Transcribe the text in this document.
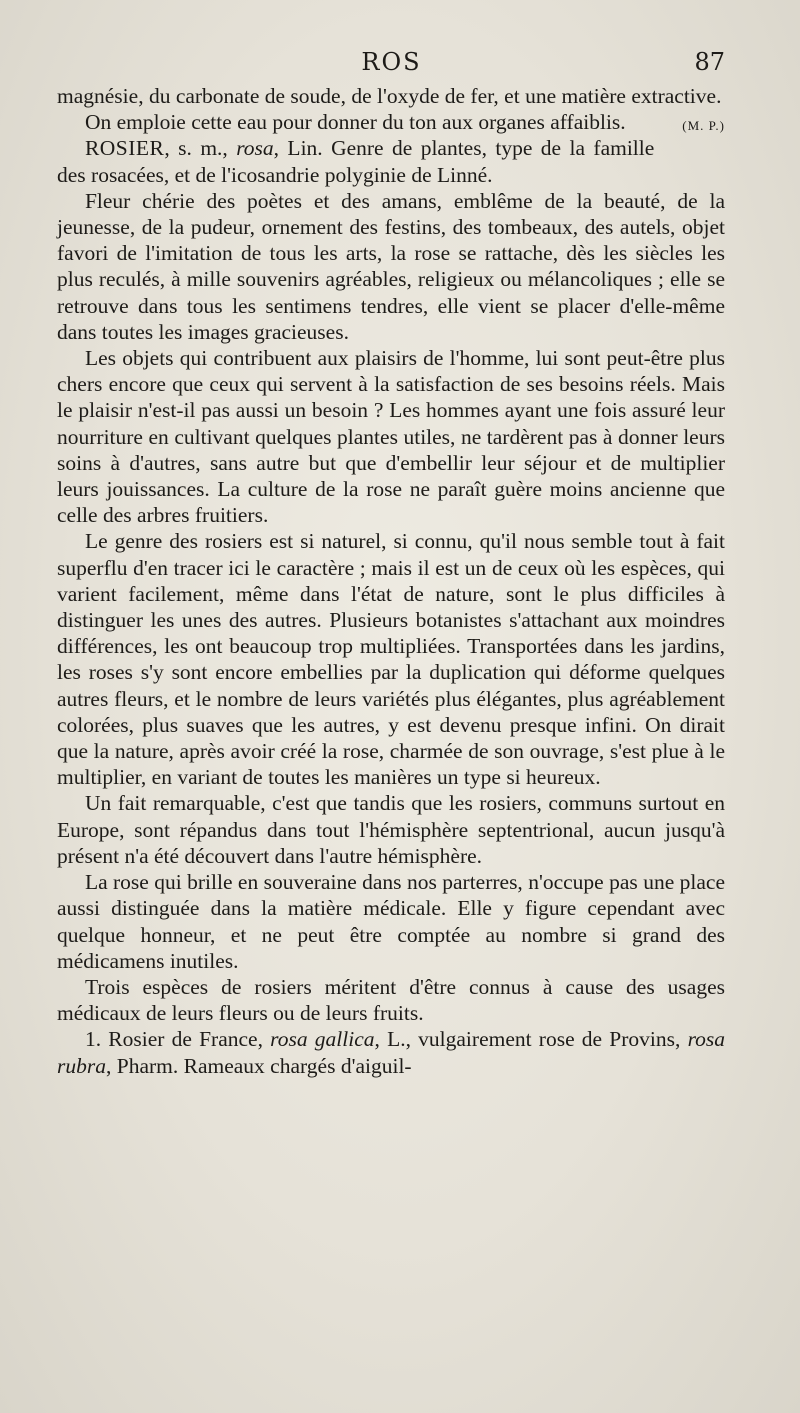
ROS	87

magnésie, du carbonate de soude, de l'oxyde de fer, et une matière extractive.

On emploie cette eau pour donner du ton aux organes affaiblis.	(M. P.)

ROSIER, s. m., rosa, Lin. Genre de plantes, type de la famille des rosacées, et de l'icosandrie polyginie de Linné.

Fleur chérie des poètes et des amans, emblême de la beauté, de la jeunesse, de la pudeur, ornement des festins, des tombeaux, des autels, objet favori de l'imitation de tous les arts, la rose se rattache, dès les siècles les plus reculés, à mille souvenirs agréables, religieux ou mélancoliques ; elle se retrouve dans tous les sentimens tendres, elle vient se placer d'elle-même dans toutes les images gracieuses.

Les objets qui contribuent aux plaisirs de l'homme, lui sont peut-être plus chers encore que ceux qui servent à la satisfaction de ses besoins réels. Mais le plaisir n'est-il pas aussi un besoin ? Les hommes ayant une fois assuré leur nourriture en cultivant quelques plantes utiles, ne tardèrent pas à donner leurs soins à d'autres, sans autre but que d'embellir leur séjour et de multiplier leurs jouissances. La culture de la rose ne paraît guère moins ancienne que celle des arbres fruitiers.

Le genre des rosiers est si naturel, si connu, qu'il nous semble tout à fait superflu d'en tracer ici le caractère ; mais il est un de ceux où les espèces, qui varient facilement, même dans l'état de nature, sont le plus difficiles à distinguer les unes des autres. Plusieurs botanistes s'attachant aux moindres différences, les ont beaucoup trop multipliées. Transportées dans les jardins, les roses s'y sont encore embellies par la duplication qui déforme quelques autres fleurs, et le nombre de leurs variétés plus élégantes, plus agréablement colorées, plus suaves que les autres, y est devenu presque infini. On dirait que la nature, après avoir créé la rose, charmée de son ouvrage, s'est plue à le multiplier, en variant de toutes les manières un type si heureux.

Un fait remarquable, c'est que tandis que les rosiers, communs surtout en Europe, sont répandus dans tout l'hémisphère septentrional, aucun jusqu'à présent n'a été découvert dans l'autre hémisphère.

La rose qui brille en souveraine dans nos parterres, n'occupe pas une place aussi distinguée dans la matière médicale. Elle y figure cependant avec quelque honneur, et ne peut être comptée au nombre si grand des médicamens inutiles.

Trois espèces de rosiers méritent d'être connus à cause des usages médicaux de leurs fleurs ou de leurs fruits.

1. Rosier de France, rosa gallica, L., vulgairement rose de Provins, rosa rubra, Pharm. Rameaux chargés d'aiguil-
